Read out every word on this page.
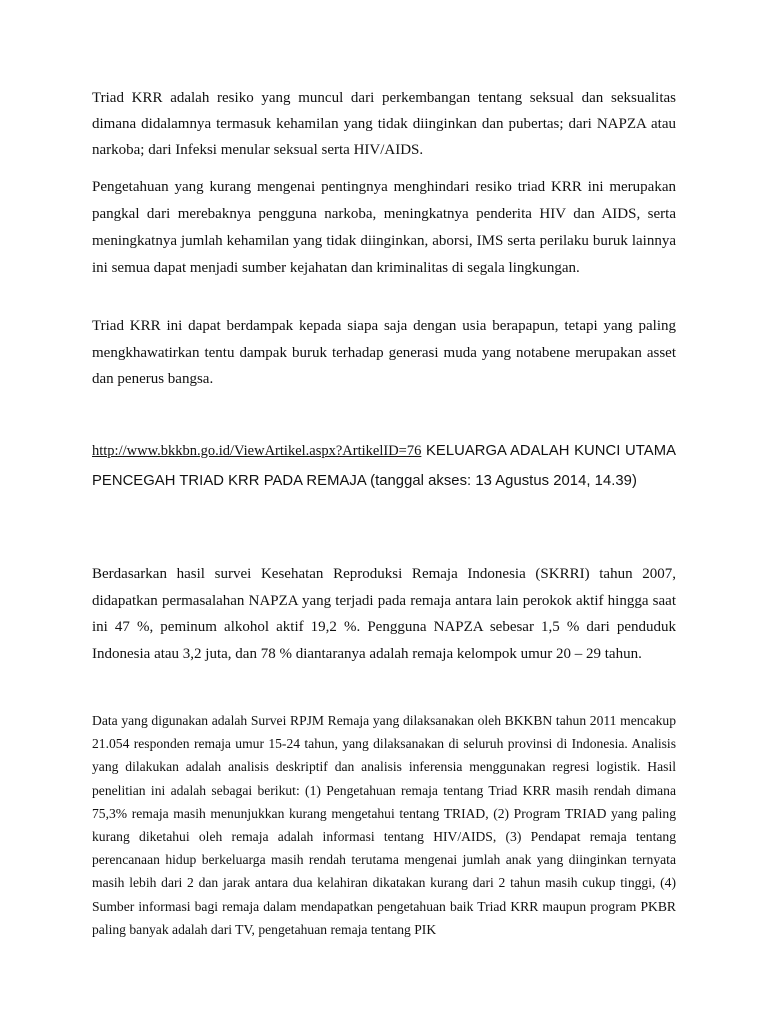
Triad KRR adalah resiko yang muncul dari perkembangan tentang seksual dan seksualitas dimana didalamnya termasuk kehamilan yang tidak diinginkan dan pubertas; dari NAPZA atau narkoba; dari Infeksi menular seksual serta HIV/AIDS.

Pengetahuan yang kurang mengenai pentingnya menghindari resiko triad KRR ini merupakan pangkal dari merebaknya pengguna narkoba, meningkatnya penderita HIV dan AIDS, serta meningkatnya jumlah kehamilan yang tidak diinginkan, aborsi, IMS serta perilaku buruk lainnya ini semua dapat menjadi sumber kejahatan dan kriminalitas di segala lingkungan.

Triad KRR ini dapat berdampak kepada siapa saja dengan usia berapapun, tetapi yang paling mengkhawatirkan tentu dampak buruk terhadap generasi muda yang notabene merupakan asset dan penerus bangsa.

http://www.bkkbn.go.id/ViewArtikel.aspx?ArtikelID=76 KELUARGA ADALAH KUNCI UTAMA PENCEGAH TRIAD KRR PADA REMAJA (tanggal akses: 13 Agustus 2014, 14.39)

Berdasarkan hasil survei Kesehatan Reproduksi Remaja Indonesia (SKRRI) tahun 2007, didapatkan permasalahan NAPZA yang terjadi pada remaja antara lain perokok aktif hingga saat ini 47 %, peminum alkohol aktif 19,2 %. Pengguna NAPZA sebesar 1,5 % dari penduduk Indonesia atau 3,2 juta, dan 78 % diantaranya adalah remaja kelompok umur 20 – 29 tahun.

Data yang digunakan adalah Survei RPJM Remaja yang dilaksanakan oleh BKKBN tahun 2011 mencakup 21.054 responden remaja umur 15-24 tahun, yang dilaksanakan di seluruh provinsi di Indonesia. Analisis yang dilakukan adalah analisis deskriptif dan analisis inferensia menggunakan regresi logistik. Hasil penelitian ini adalah sebagai berikut: (1) Pengetahuan remaja tentang Triad KRR masih rendah dimana 75,3% remaja masih menunjukkan kurang mengetahui tentang TRIAD, (2) Program TRIAD yang paling kurang diketahui oleh remaja adalah informasi tentang HIV/AIDS, (3) Pendapat remaja tentang perencanaan hidup berkeluarga masih rendah terutama mengenai jumlah anak yang diinginkan ternyata masih lebih dari 2 dan jarak antara dua kelahiran dikatakan kurang dari 2 tahun masih cukup tinggi, (4) Sumber informasi bagi remaja dalam mendapatkan pengetahuan baik Triad KRR maupun program PKBR paling banyak adalah dari TV, pengetahuan remaja tentang PIK
